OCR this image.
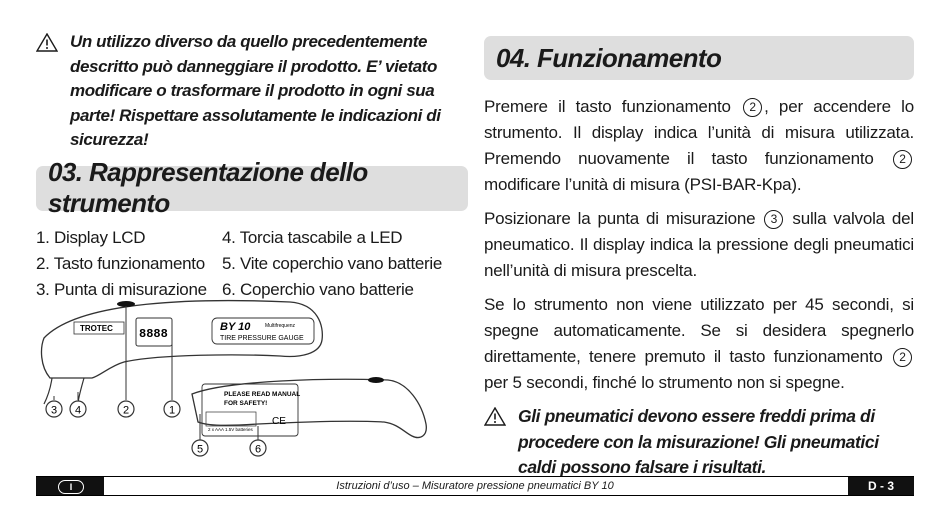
Un utilizzo diverso da quello precedentemente descritto può danneggiare il prodotto. E’ vietato modificare o trasformare il prodotto in ogni sua parte! Rispettare assolutamente le indicazioni di sicurezza!
03. Rappresentazione dello strumento
1. Display LCD	4. Torcia tascabile a LED
2. Tasto funzionamento	5. Vite coperchio vano batterie
3. Punta di misurazione 6. Coperchio vano batterie
TROTEC 8888	BY 10	Multifrequenz
TIRE PRESSURE GAUGE
3 4	2	1
PLEASE READ MANUAL
FOR SAFETY!
2 x AAA 1.5V batteries
CE
5	6
04. Funzionamento

Premere il tasto funzionamento 2 , per accendere lo strumento. Il display indica l’unità di misura utilizzata. Premendo nuovamente il tasto funzionamento 2 modificare l’unità di misura (PSI-BAR-Kpa).

Posizionare la punta di misurazione 3 sulla valvola del pneumatico. Il display indica la pressione degli pneumatici nell’unità di misura prescelta.

Se lo strumento non viene utilizzato per 45 secondi, si spegne automaticamente. Se si desidera spegnerlo direttamente, tenere premuto il tasto funzionamento 2 per 5 secondi, finché lo strumento non si spegne.

Gli pneumatici devono essere freddi prima di procedere con la misurazione! Gli pneumatici caldi possono falsare i risultati.
Istruzioni d’uso – Misuratore pressione pneumatici BY 10
I	D - 3
